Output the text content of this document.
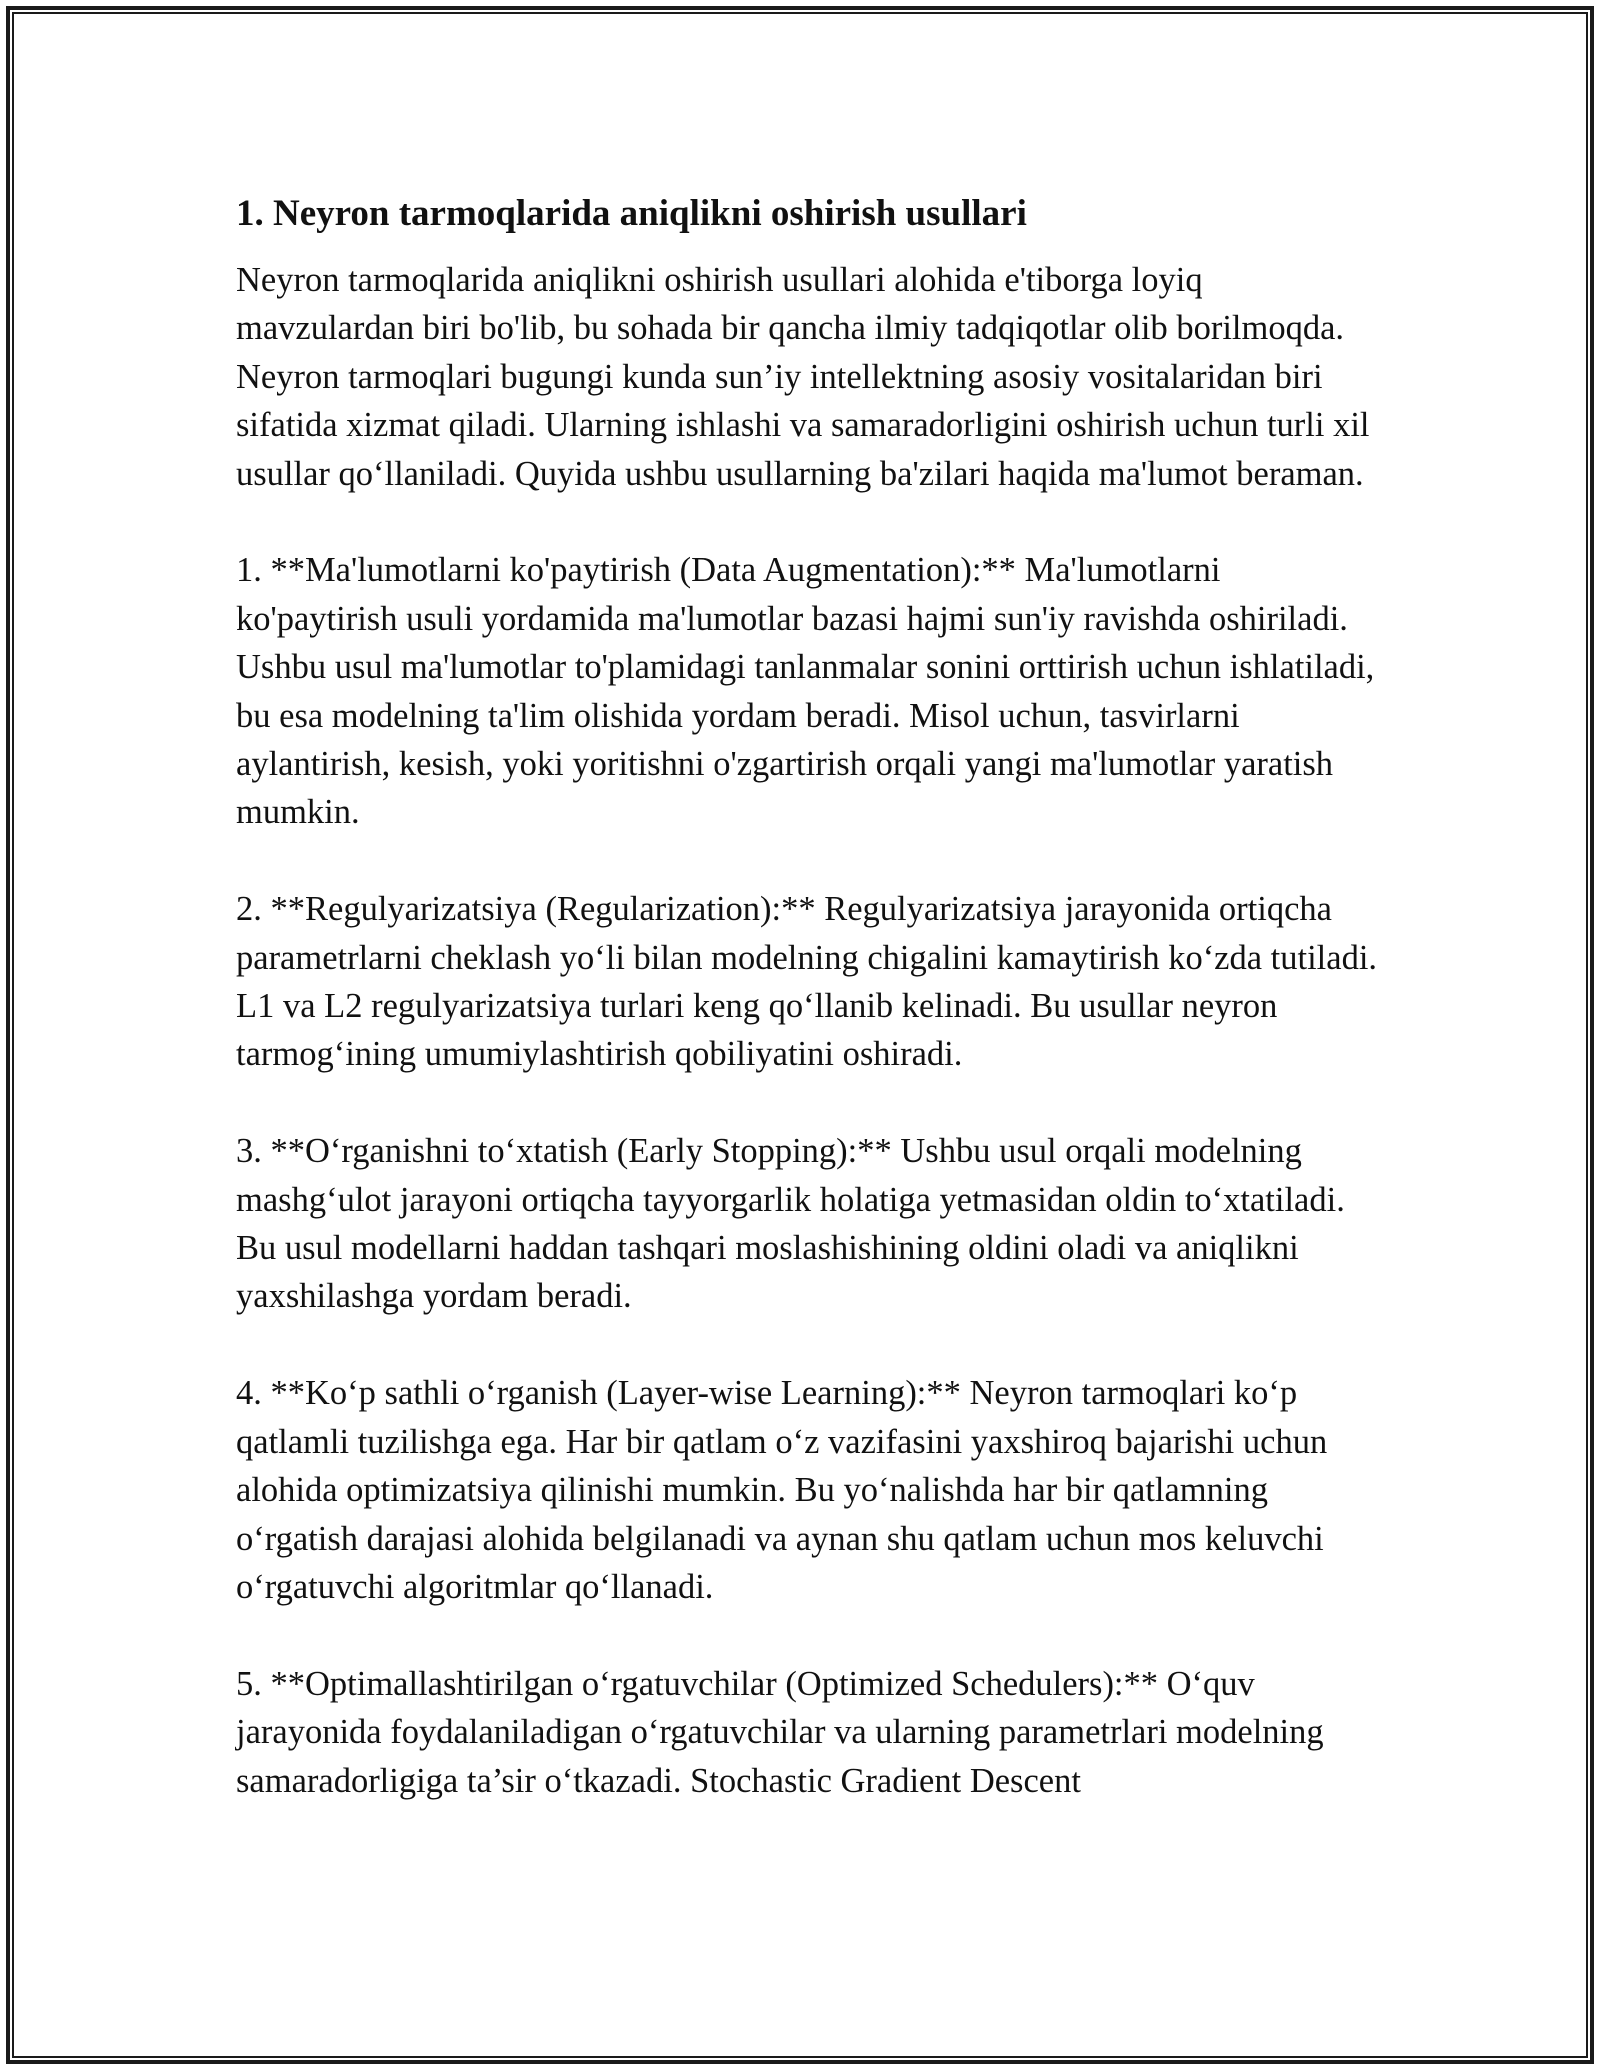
1. Neyron tarmoqlarida aniqlikni oshirish usullari
Neyron tarmoqlarida aniqlikni oshirish usullari alohida e'tiborga loyiq mavzulardan biri bo'lib, bu sohada bir qancha ilmiy tadqiqotlar olib borilmoqda. Neyron tarmoqlari bugungi kunda sun’iy intellektning asosiy vositalaridan biri sifatida xizmat qiladi. Ularning ishlashi va samaradorligini oshirish uchun turli xil usullar qo‘llaniladi. Quyida ushbu usullarning ba'zilari haqida ma'lumot beraman.
1. **Ma'lumotlarni ko'paytirish (Data Augmentation):** Ma'lumotlarni ko'paytirish usuli yordamida ma'lumotlar bazasi hajmi sun'iy ravishda oshiriladi. Ushbu usul ma'lumotlar to'plamidagi tanlanmalar sonini orttirish uchun ishlatiladi, bu esa modelning ta'lim olishida yordam beradi. Misol uchun, tasvirlarni aylantirish, kesish, yoki yoritishni o'zgartirish orqali yangi ma'lumotlar yaratish mumkin.
2. **Regulyarizatsiya (Regularization):** Regulyarizatsiya jarayonida ortiqcha parametrlarni cheklash yo‘li bilan modelning chigalini kamaytirish ko‘zda tutiladi. L1 va L2 regulyarizatsiya turlari keng qo‘llanib kelinadi. Bu usullar neyron tarmog‘ining umumiylashtirish qobiliyatini oshiradi.
3. **O‘rganishni to‘xtatish (Early Stopping):** Ushbu usul orqali modelning mashg‘ulot jarayoni ortiqcha tayyorgarlik holatiga yetmasidan oldin to‘xtatiladi. Bu usul modellarni haddan tashqari moslashishining oldini oladi va aniqlikni yaxshilashga yordam beradi.
4. **Ko‘p sathli o‘rganish (Layer-wise Learning):** Neyron tarmoqlari ko‘p qatlamli tuzilishga ega. Har bir qatlam o‘z vazifasini yaxshiroq bajarishi uchun alohida optimizatsiya qilinishi mumkin. Bu yo‘nalishda har bir qatlamning o‘rgatish darajasi alohida belgilanadi va aynan shu qatlam uchun mos keluvchi o‘rgatuvchi algoritmlar qo‘llanadi.
5. **Optimallashtirilgan o‘rgatuvchilar (Optimized Schedulers):** O‘quv jarayonida foydalaniladigan o‘rgatuvchilar va ularning parametrlari modelning samaradorligiga ta’sir o‘tkazadi. Stochastic Gradient Descent
